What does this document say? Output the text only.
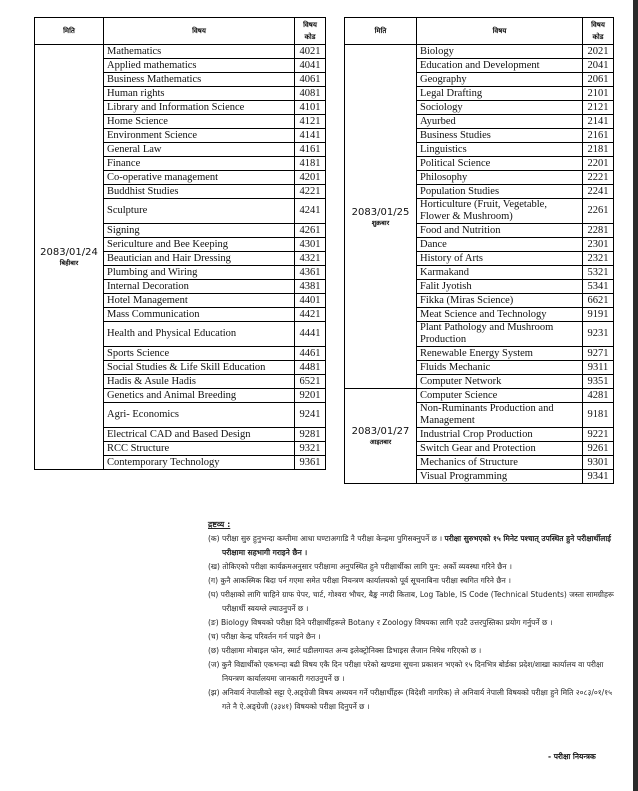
मिति	विषय	विषय कोड
2083/01/24
बिहीबार	Mathematics	4021
	Applied mathematics	4041
	Business Mathematics	4061
	Human rights	4081
	Library and Information Science	4101
	Home Science	4121
	Environment Science	4141
	General Law	4161
	Finance	4181
	Co-operative management	4201
	Buddhist Studies	4221
	Sculpture	4241
	Signing	4261
	Sericulture and Bee Keeping	4301
	Beautician and Hair Dressing	4321
	Plumbing and Wiring	4361
	Internal Decoration	4381
	Hotel Management	4401
	Mass Communication	4421
	Health and Physical Education	4441
	Sports Science	4461
	Social Studies & Life Skill Education	4481
	Hadis & Asule Hadis	6521
	Genetics and Animal Breeding	9201
	Agri- Economics	9241
	Electrical CAD and Based Design	9281
	RCC Structure	9321
	Contemporary Technology	9361
मिति	विषय	विषय कोड
2083/01/25
शुक्रबार	Biology	2021
	Education and Development	2041
	Geography	2061
	Legal Drafting	2101
	Sociology	2121
	Ayurbed	2141
	Business Studies	2161
	Linguistics	2181
	Political Science	2201
	Philosophy	2221
	Population Studies	2241
	Horticulture (Fruit, Vegetable, Flower & Mushroom)	2261
	Food and Nutrition	2281
	Dance	2301
	History of Arts	2321
	Karmakand	5321
	Falit Jyotish	5341
	Fikka (Miras Science)	6621
	Meat Science and Technology	9191
	Plant Pathology and Mushroom Production	9231
	Renewable Energy System	9271
	Fluids Mechanic	9311
	Computer Network	9351
2083/01/27
आइतबार	Computer Science	4281
	Non-Ruminants Production and Management	9181
	Industrial Crop Production	9221
	Switch Gear and Protection	9261
	Mechanics of Structure	9301
	Visual Programming	9341
द्रष्टव्य :
(क) परीक्षा सुरु हुनुभन्दा कम्तीमा आधा घण्टाअगाडि नै परीक्षा केन्द्रमा पुगिसक्नुपर्ने छ । परीक्षा सुरुभएको १५ मिनेट पश्चात् उपस्थित हुने परीक्षार्थीलाई परीक्षामा सहभागी गराइने छैन ।
(ख) तोकिएको परीक्षा कार्यक्रमअनुसार परीक्षामा अनुपस्थित हुने परीक्षार्थीका लागि पुन: अर्को व्यवस्था गरिने छैन ।
(ग) कुनै आकस्मिक बिदा पर्न गएमा समेत परीक्षा नियन्त्रण कार्यालयको पूर्व सूचनाबिना परीक्षा स्थगित गरिने छैन ।
(घ) परीक्षाको लागि चाहिने ग्राफ पेपर, चार्ट, गोश्वरा भौचर, बैङ्क नगदी किताब, Log Table, IS Code (Technical Students) जस्ता सामग्रीहरू परीक्षार्थी स्वयम्ले ल्याउनुपर्ने छ ।
(ङ) Biology विषयको परीक्षा दिने परीक्षार्थीहरूले Botany र Zoology विषयका लागि एउटै उत्तरपुस्तिका प्रयोग गर्नुपर्ने छ ।
(च) परीक्षा केन्द्र परिवर्तन गर्न पाइने छैन ।
(छ) परीक्षामा मोबाइल फोन, स्मार्ट घडीलगायत अन्य इलेक्ट्रोनिक्स डिभाइस लैजान निषेध गरिएको छ ।
(ज) कुनै विद्यार्थीको एकभन्दा बढी विषय एकै दिन परीक्षा परेको खण्डमा सूचना प्रकाशन भएको १५ दिनभित्र बोर्डका प्रदेश/शाखा कार्यालय वा परीक्षा नियन्त्रण कार्यालयमा जानकारी गराउनुपर्ने छ ।
(झ) अनिवार्य नेपालीको सट्टा ऐ.अङ्ग्रेजी विषय अध्ययन गर्ने परीक्षार्थीहरू (विदेशी नागरिक) ले अनिवार्य नेपाली विषयको परीक्षा हुने मिति २०८३/०१/१५ गते नै ऐ.अङ्ग्रेजी (३३४१) विषयको परीक्षा दिनुपर्ने छ ।
- परीक्षा नियन्त्रक
